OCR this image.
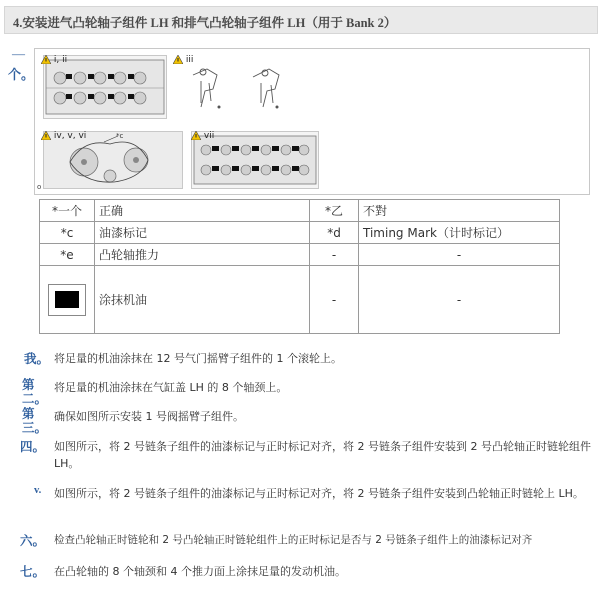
4.安装进气凸轮轴子组件 LH 和排气凸轮轴子组件 LH（用于 Bank 2）
—
个。
i, ii	iii
*c
iv, v, vi
o
vii
*一个	正确	*乙	不對
*c	油漆标记	*d	Timing Mark（计时标记）
*e	凸轮轴推力	-	-

	涂抹机油	-	-
我。 将足量的机油涂抹在 12 号气门摇臂子组件的 1 个滚轮上。
第二。
将足量的机油涂抹在气缸盖 LH 的 8 个轴颈上。
第三。
确保如图所示安装 1 号阀摇臂子组件。
四。 如图所示，将 2 号链条子组件的油漆标记与正时标记对齐，将 2 号链条子组件安装到 2 号凸轮轴正时链轮组件 LH。
v. 如图所示，将 2 号链条子组件的油漆标记与正时标记对齐，将 2 号链条子组件安装到凸轮轴正时链轮上 LH。
六。 检查凸轮轴正时链轮和 2 号凸轮轴正时链轮组件上的正时标记是否与 2 号链条子组件上的油漆标记对齐
七。 在凸轮轴的 8 个轴颈和 4 个推力面上涂抹足量的发动机油。
